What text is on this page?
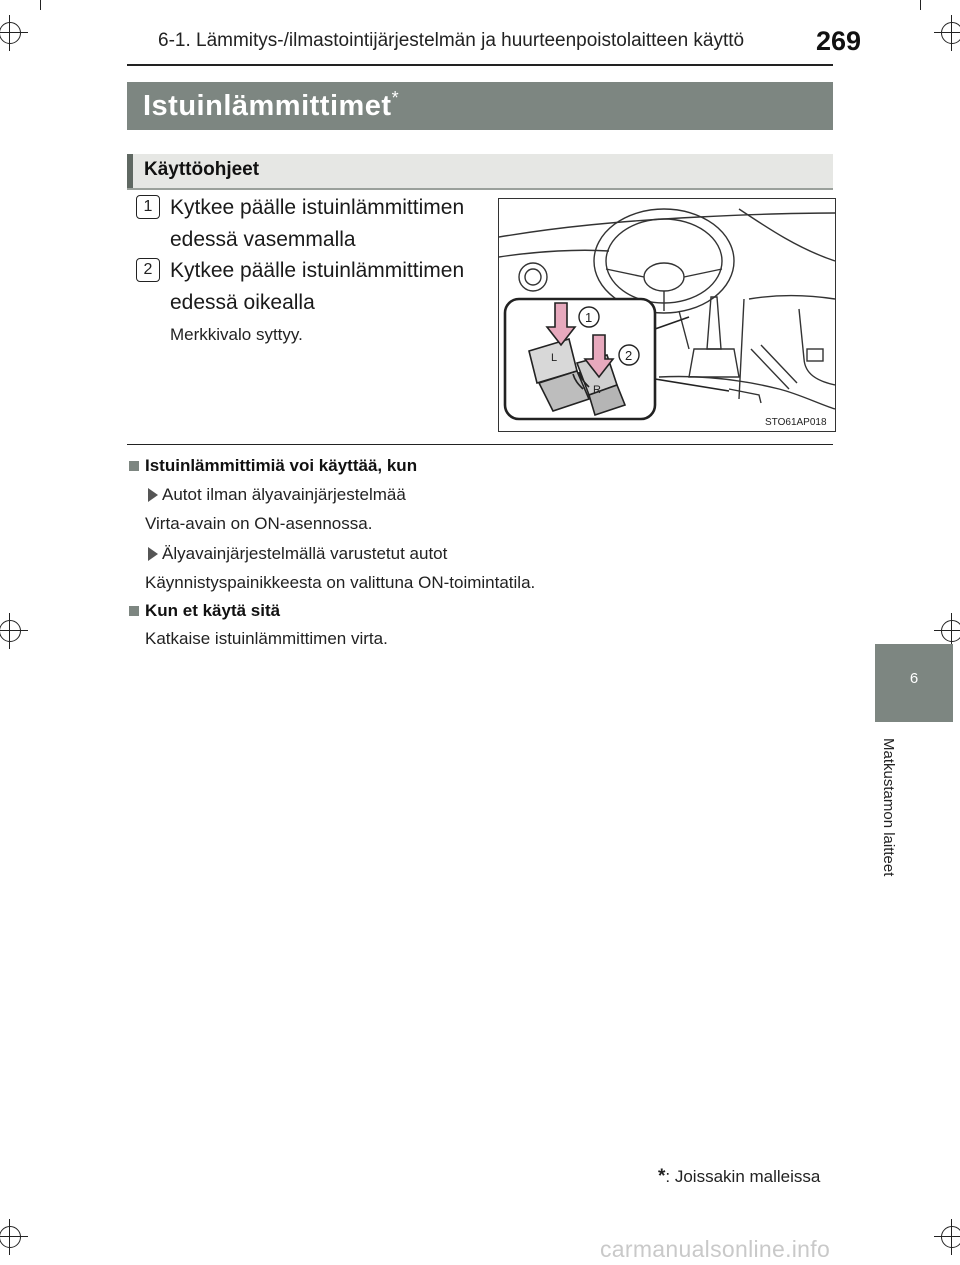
6-1. Lämmitys-/ilmastointijärjestelmän ja huurteenpoistolaitteen käyttö	269
Istuinlämmittimet*
Käyttöohjeet
1 Kytkee päälle istuinlämmittimen
edessä vasemmalla
2 Kytkee päälle istuinlämmittimen
edessä oikealla
Merkkivalo syttyy.
L
R
1
2
STO61AP018
Istuinlämmittimiä voi käyttää, kun
Autot ilman älyavainjärjestelmää
Virta-avain on ON-asennossa.
Älyavainjärjestelmällä varustetut autot
Käynnistyspainikkeesta on valittuna ON-toimintatila.
Kun et käytä sitä
Katkaise istuinlämmittimen virta.
6
Matkustamon laitteet
*: Joissakin malleissa
carmanualsonline.info
